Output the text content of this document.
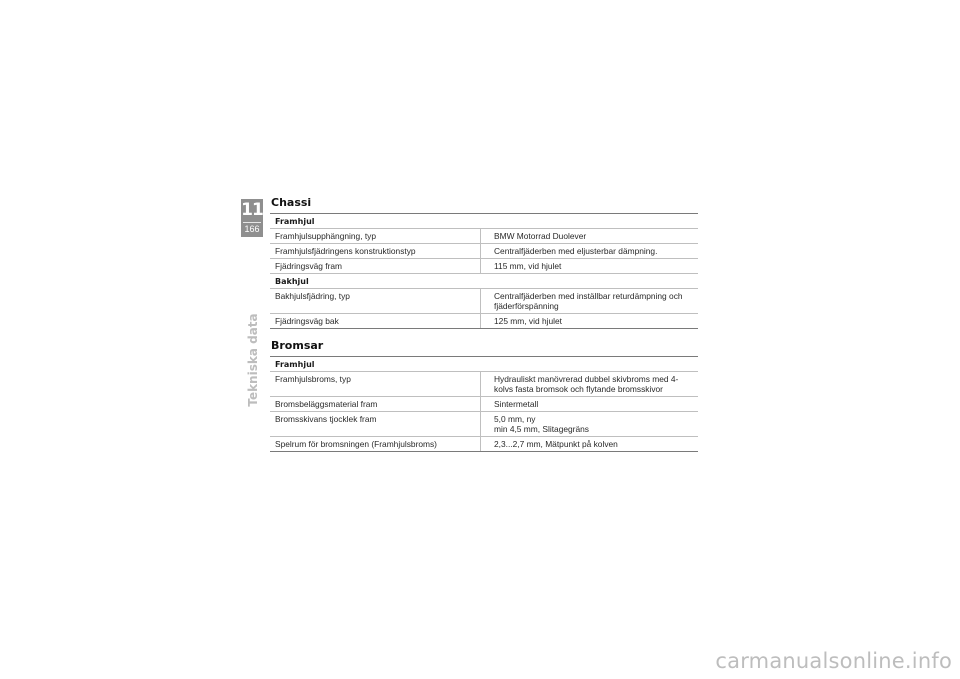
11
166
Tekniska data
Chassi
Framhjul
Framhjulsupphängning, typ	BMW Motorrad Duolever
Framhjulsfjädringens konstruktionstyp	Centralfjäderben med eljusterbar dämpning.
Fjädringsväg fram	115 mm, vid hjulet
Bakhjul
Bakhjulsfjädring, typ	Centralfjäderben med inställbar returdämpning och
fjäderförspänning
Fjädringsväg bak	125 mm, vid hjulet
Bromsar
Framhjul
Framhjulsbroms, typ	Hydrauliskt manövrerad dubbel skivbroms med 4-
kolvs fasta bromsok och flytande bromsskivor
Bromsbeläggsmaterial fram	Sintermetall
Bromsskivans tjocklek fram	5,0 mm, ny
min 4,5 mm, Slitagegräns
Spelrum för bromsningen (Framhjulsbroms)	2,3...2,7 mm, Mätpunkt på kolven
carmanualsonline.info
